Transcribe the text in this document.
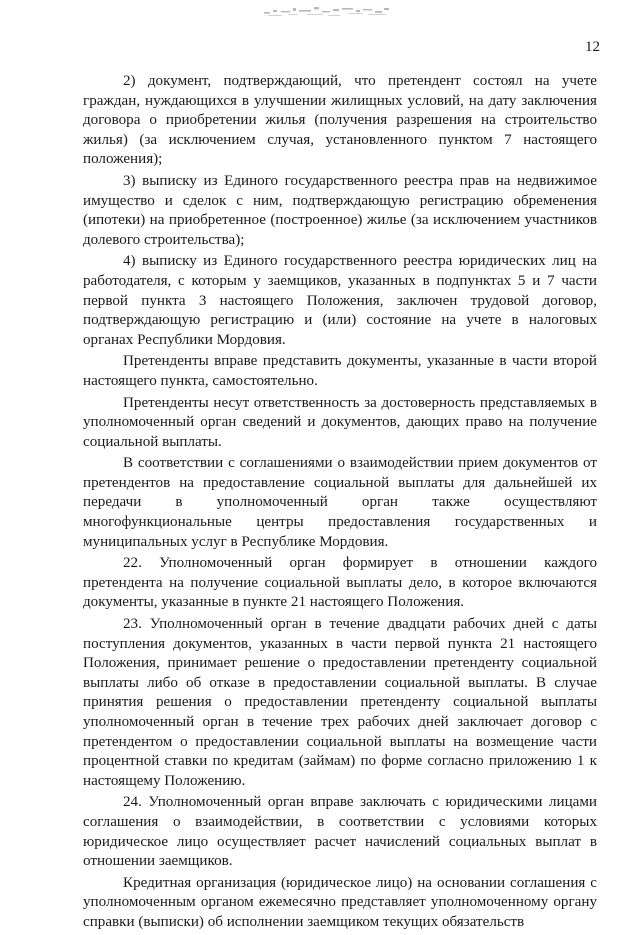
12

2) документ, подтверждающий, что претендент состоял на учете граждан, нуждающихся в улучшении жилищных условий, на дату заключения договора о приобретении жилья (получения разрешения на строительство жилья) (за исключением случая, установленного пунктом 7 настоящего положения);

3) выписку из Единого государственного реестра прав на недвижимое имущество и сделок с ним, подтверждающую регистрацию обременения (ипотеки) на приобретенное (построенное) жилье (за исключением участников долевого строительства);

4) выписку из Единого государственного реестра юридических лиц на работодателя, с которым у заемщиков, указанных в подпунктах 5 и 7 части первой пункта 3 настоящего Положения, заключен трудовой договор, подтверждающую регистрацию и (или) состояние на учете в налоговых органах Республики Мордовия.

Претенденты вправе представить документы, указанные в части второй настоящего пункта, самостоятельно.

Претенденты несут ответственность за достоверность представляемых в уполномоченный орган сведений и документов, дающих право на получение социальной выплаты.

В соответствии с соглашениями о взаимодействии прием документов от претендентов на предоставление социальной выплаты для дальнейшей их передачи в уполномоченный орган также осуществляют многофункциональные центры предоставления государственных и муниципальных услуг в Республике Мордовия.

22. Уполномоченный орган формирует в отношении каждого претендента на получение социальной выплаты дело, в которое включаются документы, указанные в пункте 21 настоящего Положения.

23. Уполномоченный орган в течение двадцати рабочих дней с даты поступления документов, указанных в части первой пункта 21 настоящего Положения, принимает решение о предоставлении претенденту социальной выплаты либо об отказе в предоставлении социальной выплаты. В случае принятия решения о предоставлении претенденту социальной выплаты уполномоченный орган в течение трех рабочих дней заключает договор с претендентом о предоставлении социальной выплаты на возмещение части процентной ставки по кредитам (займам) по форме согласно приложению 1 к настоящему Положению.

24. Уполномоченный орган вправе заключать с юридическими лицами соглашения о взаимодействии, в соответствии с условиями которых юридическое лицо осуществляет расчет начислений социальных выплат в отношении заемщиков.

Кредитная организация (юридическое лицо) на основании соглашения с уполномоченным органом ежемесячно представляет уполномоченному органу справки (выписки) об исполнении заемщиком текущих обязательств
